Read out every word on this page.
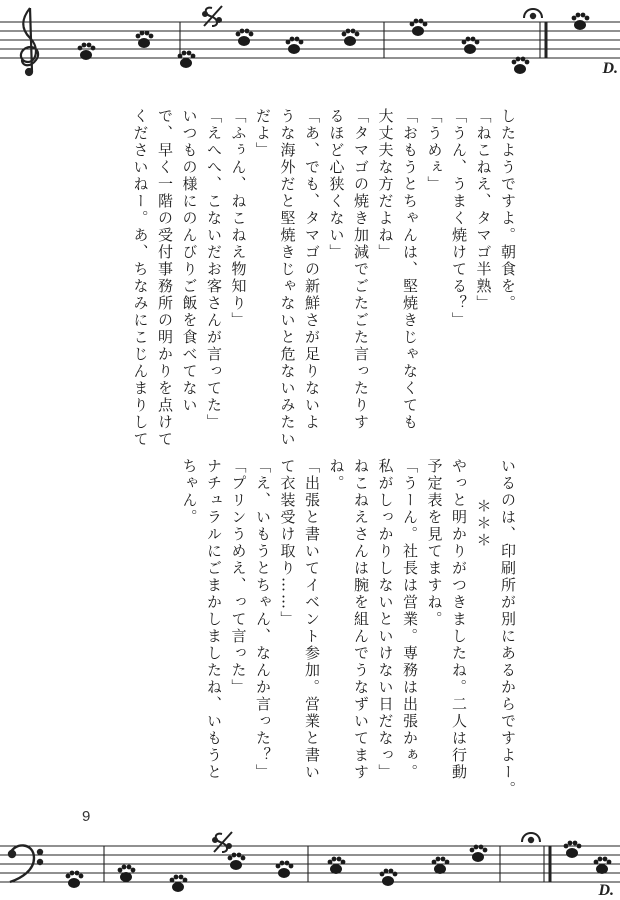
D.

したようですよ。朝食を。

「ねこねえ、タマゴ半熟」

「うん、うまく焼けてる？」

「うめぇ」

「おもうとちゃんは、堅焼きじゃなくても

大丈夫な方だよね」

「タマゴの焼き加減でごたごた言ったりす

るほど心狭くない」

「あ、でも、タマゴの新鮮さが足りないよ

うな海外だと堅焼きじゃないと危ないみたい

だよ」

「ふぅん、ねこねえ物知り」

「えへへ、こないだお客さんが言ってた」

いつもの様にのんびりご飯を食べてない

で、早く一階の受付事務所の明かりを点けて

くださいねー。あ、ちなみにこじんまりして

いるのは、印刷所が別にあるからですよー。

＊＊＊

やっと明かりがつきましたね。二人は行動

予定表を見てますね。

「うーん。社長は営業。専務は出張かぁ。

私がしっかりしないといけない日だなっ」

ねこねえさんは腕を組んでうなずいてます

ね。

「出張と書いてイベント参加。営業と書い

て衣装受け取り……」

「え、いもうとちゃん、なんか言った？」

「プリンうめえ、って言った」

ナチュラルにごまかしましたね、いもうと

ちゃん。

9
D.
